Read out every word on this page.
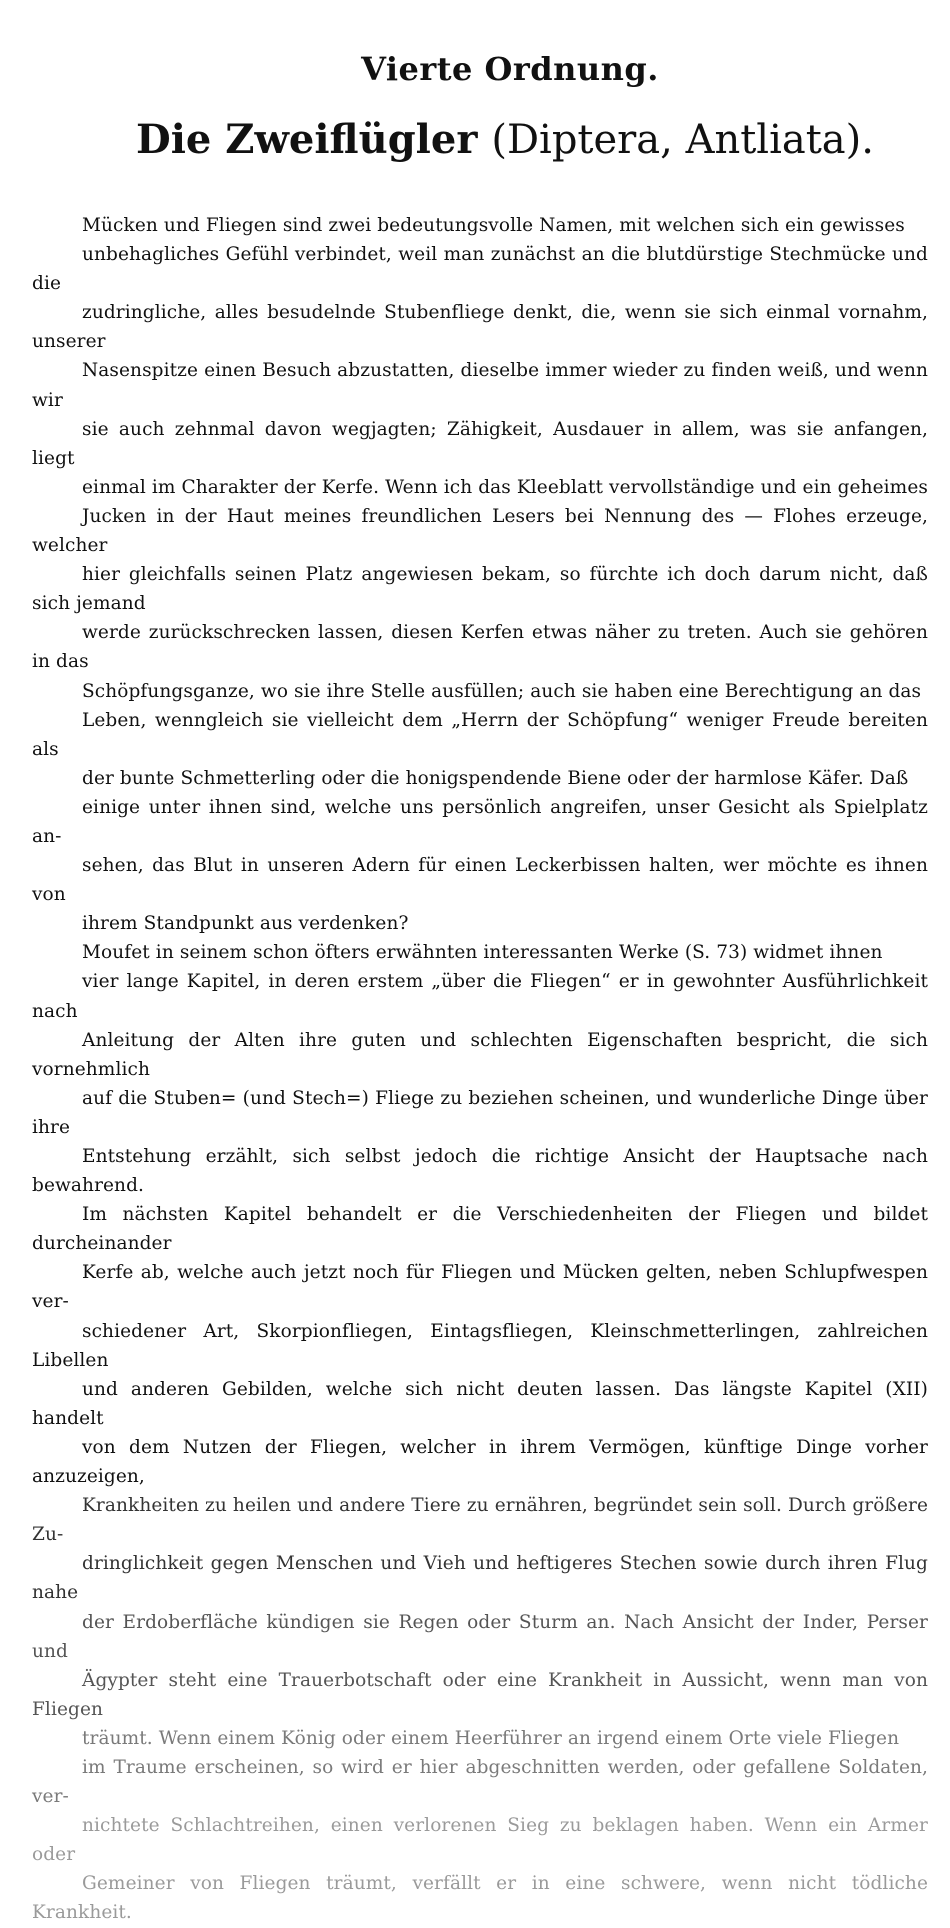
Vierte Ordnung.
Die Zweiflügler (Diptera, Antliata).

Mücken und Fliegen sind zwei bedeutungsvolle Namen, mit welchen sich ein gewisses
unbehagliches Gefühl verbindet, weil man zunächst an die blutdürstige Stechmücke und die
zudringliche, alles besudelnde Stubenfliege denkt, die, wenn sie sich einmal vornahm, unserer
Nasenspitze einen Besuch abzustatten, dieselbe immer wieder zu finden weiß, und wenn wir
sie auch zehnmal davon wegjagten; Zähigkeit, Ausdauer in allem, was sie anfangen, liegt
einmal im Charakter der Kerfe. Wenn ich das Kleeblatt vervollständige und ein geheimes
Jucken in der Haut meines freundlichen Lesers bei Nennung des — Flohes erzeuge, welcher
hier gleichfalls seinen Platz angewiesen bekam, so fürchte ich doch darum nicht, daß sich jemand
werde zurückschrecken lassen, diesen Kerfen etwas näher zu treten. Auch sie gehören in das
Schöpfungsganze, wo sie ihre Stelle ausfüllen; auch sie haben eine Berechtigung an das
Leben, wenngleich sie vielleicht dem „Herrn der Schöpfung“ weniger Freude bereiten als
der bunte Schmetterling oder die honigspendende Biene oder der harmlose Käfer. Daß
einige unter ihnen sind, welche uns persönlich angreifen, unser Gesicht als Spielplatz an-
sehen, das Blut in unseren Adern für einen Leckerbissen halten, wer möchte es ihnen von
ihrem Standpunkt aus verdenken?

Moufet in seinem schon öfters erwähnten interessanten Werke (S. 73) widmet ihnen
vier lange Kapitel, in deren erstem „über die Fliegen“ er in gewohnter Ausführlichkeit nach
Anleitung der Alten ihre guten und schlechten Eigenschaften bespricht, die sich vornehmlich
auf die Stuben= (und Stech=) Fliege zu beziehen scheinen, und wunderliche Dinge über ihre
Entstehung erzählt, sich selbst jedoch die richtige Ansicht der Hauptsache nach bewahrend.
Im nächsten Kapitel behandelt er die Verschiedenheiten der Fliegen und bildet durcheinander
Kerfe ab, welche auch jetzt noch für Fliegen und Mücken gelten, neben Schlupfwespen ver-
schiedener Art, Skorpionfliegen, Eintagsfliegen, Kleinschmetterlingen, zahlreichen Libellen
und anderen Gebilden, welche sich nicht deuten lassen. Das längste Kapitel (XII) handelt
von dem Nutzen der Fliegen, welcher in ihrem Vermögen, künftige Dinge vorher anzuzeigen,
Krankheiten zu heilen und andere Tiere zu ernähren, begründet sein soll. Durch größere Zu-
dringlichkeit gegen Menschen und Vieh und heftigeres Stechen sowie durch ihren Flug nahe
der Erdoberfläche kündigen sie Regen oder Sturm an. Nach Ansicht der Inder, Perser und
Ägypter steht eine Trauerbotschaft oder eine Krankheit in Aussicht, wenn man von Fliegen
träumt. Wenn einem König oder einem Heerführer an irgend einem Orte viele Fliegen
im Traume erscheinen, so wird er hier abgeschnitten werden, oder gefallene Soldaten, ver-
nichtete Schlachtreihen, einen verlorenen Sieg zu beklagen haben. Wenn ein Armer oder
Gemeiner von Fliegen träumt, verfällt er in eine schwere, wenn nicht tödliche Krankheit.
